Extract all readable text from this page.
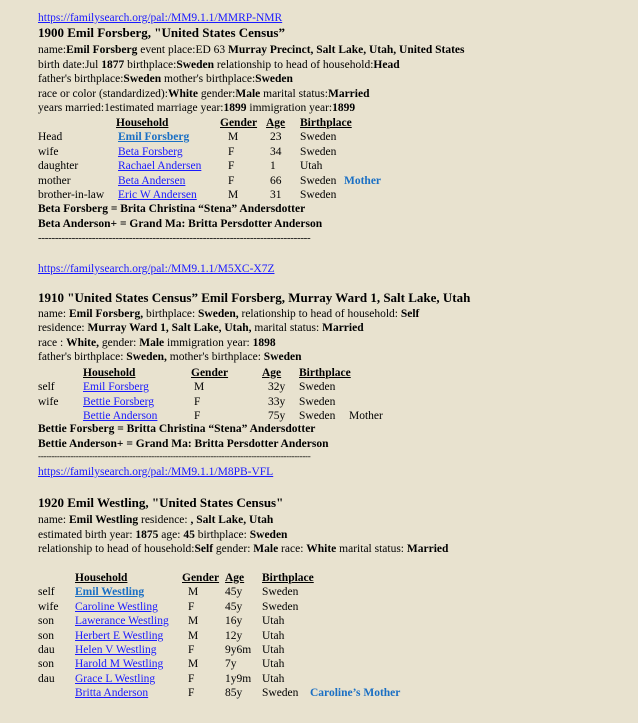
https://familysearch.org/pal:/MM9.1.1/MMRP-NMR
1900 Emil Forsberg, "United States Census”
name:Emil Forsberg event place:ED 63 Murray Precinct, Salt Lake, Utah, United States
birth date:Jul 1877 birthplace:Sweden relationship to head of household:Head
father's birthplace:Sweden mother's birthplace:Sweden
race or color (standardized):White gender:Male marital status:Married
years married:1estimated marriage year:1899 immigration year:1899
Household	Gender Age Birthplace
Head	Emil Forsberg	M	23 Sweden
wife	Beta Forsberg	F	34 Sweden
daughter	Rachael Andersen F	1 Utah
mother	Beta Andersen	F	66 Sweden Mother
brother-in-law Eric W Andersen	M	31 Sweden
Beta Forsberg = Brita Christina “Stena” Andersdotter
Beta Anderson+ = Grand Ma: Britta Persdotter Anderson
---------------------------------------------------------------------------------
https://familysearch.org/pal:/MM9.1.1/M5XC-X7Z
1910 "United States Census” Emil Forsberg, Murray Ward 1, Salt Lake, Utah
name: Emil Forsberg, birthplace: Sweden, relationship to head of household: Self
residence: Murray Ward 1, Salt Lake, Utah, marital status: Married
race : White, gender: Male immigration year: 1898
father's birthplace: Sweden, mother's birthplace: Sweden
Household	Gender	Age Birthplace
self Emil Forsberg	M	32y Sweden
wife Bettie Forsberg	F	33y Sweden
Bettie Anderson	F	75y Sweden Mother
Bettie Forsberg = Britta Christina “Stena” Andersdotter
Bettie Anderson+ = Grand Ma: Britta Persdotter Anderson
-----------------------------------------------------------------------------------------------------
https://familysearch.org/pal:/MM9.1.1/M8PB-VFL
1920 Emil Westling, "United States Census"
name: Emil Westling residence: , Salt Lake, Utah
estimated birth year: 1875 age: 45 birthplace: Sweden
relationship to head of household:Self gender: Male race: White marital status: Married
Household	Gender Age Birthplace
self Emil Westling	M 45y Sweden
wife Caroline Westling	F	45y Sweden
son Lawerance Westling M 16y Utah
son Herbert E Westling M 12y Utah
dau Helen V Westling	F	9y6m Utah
son Harold M Westling M 7y Utah
dau Grace L Westling	F	1y9m Utah
Britta Anderson	F	85y Sweden Caroline’s Mother
